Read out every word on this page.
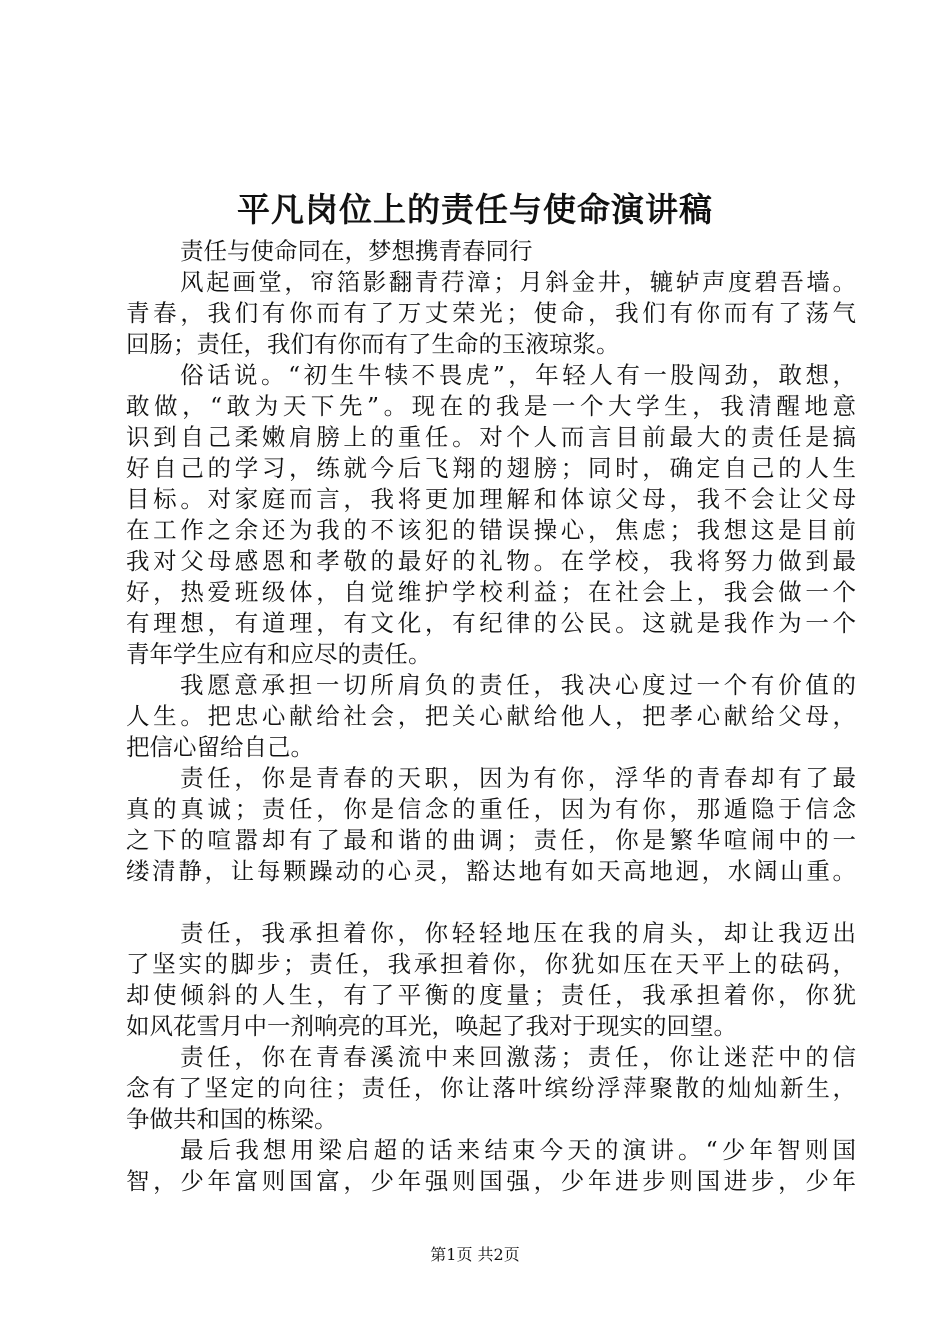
平凡岗位上的责任与使命演讲稿
责任与使命同在，梦想携青春同行
风起画堂，帘箔影翻青荇漳；月斜金井，辘轳声度碧吾墙。
青春，我们有你而有了万丈荣光；使命，我们有你而有了荡气
回肠；责任，我们有你而有了生命的玉液琼浆。
俗话说。“初生牛犊不畏虎”，年轻人有一股闯劲，敢想，
敢做，“敢为天下先”。现在的我是一个大学生，我清醒地意
识到自己柔嫩肩膀上的重任。对个人而言目前最大的责任是搞
好自己的学习，练就今后飞翔的翅膀；同时，确定自己的人生
目标。对家庭而言，我将更加理解和体谅父母，我不会让父母
在工作之余还为我的不该犯的错误操心，焦虑；我想这是目前
我对父母感恩和孝敬的最好的礼物。在学校，我将努力做到最
好，热爱班级体，自觉维护学校利益；在社会上，我会做一个
有理想，有道理，有文化，有纪律的公民。这就是我作为一个
青年学生应有和应尽的责任。
我愿意承担一切所肩负的责任，我决心度过一个有价值的
人生。把忠心献给社会，把关心献给他人，把孝心献给父母，
把信心留给自己。
责任，你是青春的天职，因为有你，浮华的青春却有了最
真的真诚；责任，你是信念的重任，因为有你，那遁隐于信念
之下的喧嚣却有了最和谐的曲调；责任，你是繁华喧闹中的一
缕清静，让每颗躁动的心灵，豁达地有如天高地迥，水阔山重。
责任，我承担着你，你轻轻地压在我的肩头，却让我迈出
了坚实的脚步；责任，我承担着你，你犹如压在天平上的砝码，
却使倾斜的人生，有了平衡的度量；责任，我承担着你，你犹
如风花雪月中一剂响亮的耳光，唤起了我对于现实的回望。
责任，你在青春溪流中来回激荡；责任，你让迷茫中的信
念有了坚定的向往；责任，你让落叶缤纷浮萍聚散的灿灿新生，
争做共和国的栋梁。
最后我想用梁启超的话来结束今天的演讲。“少年智则国
智，少年富则国富，少年强则国强，少年进步则国进步，少年
第1页 共2页
